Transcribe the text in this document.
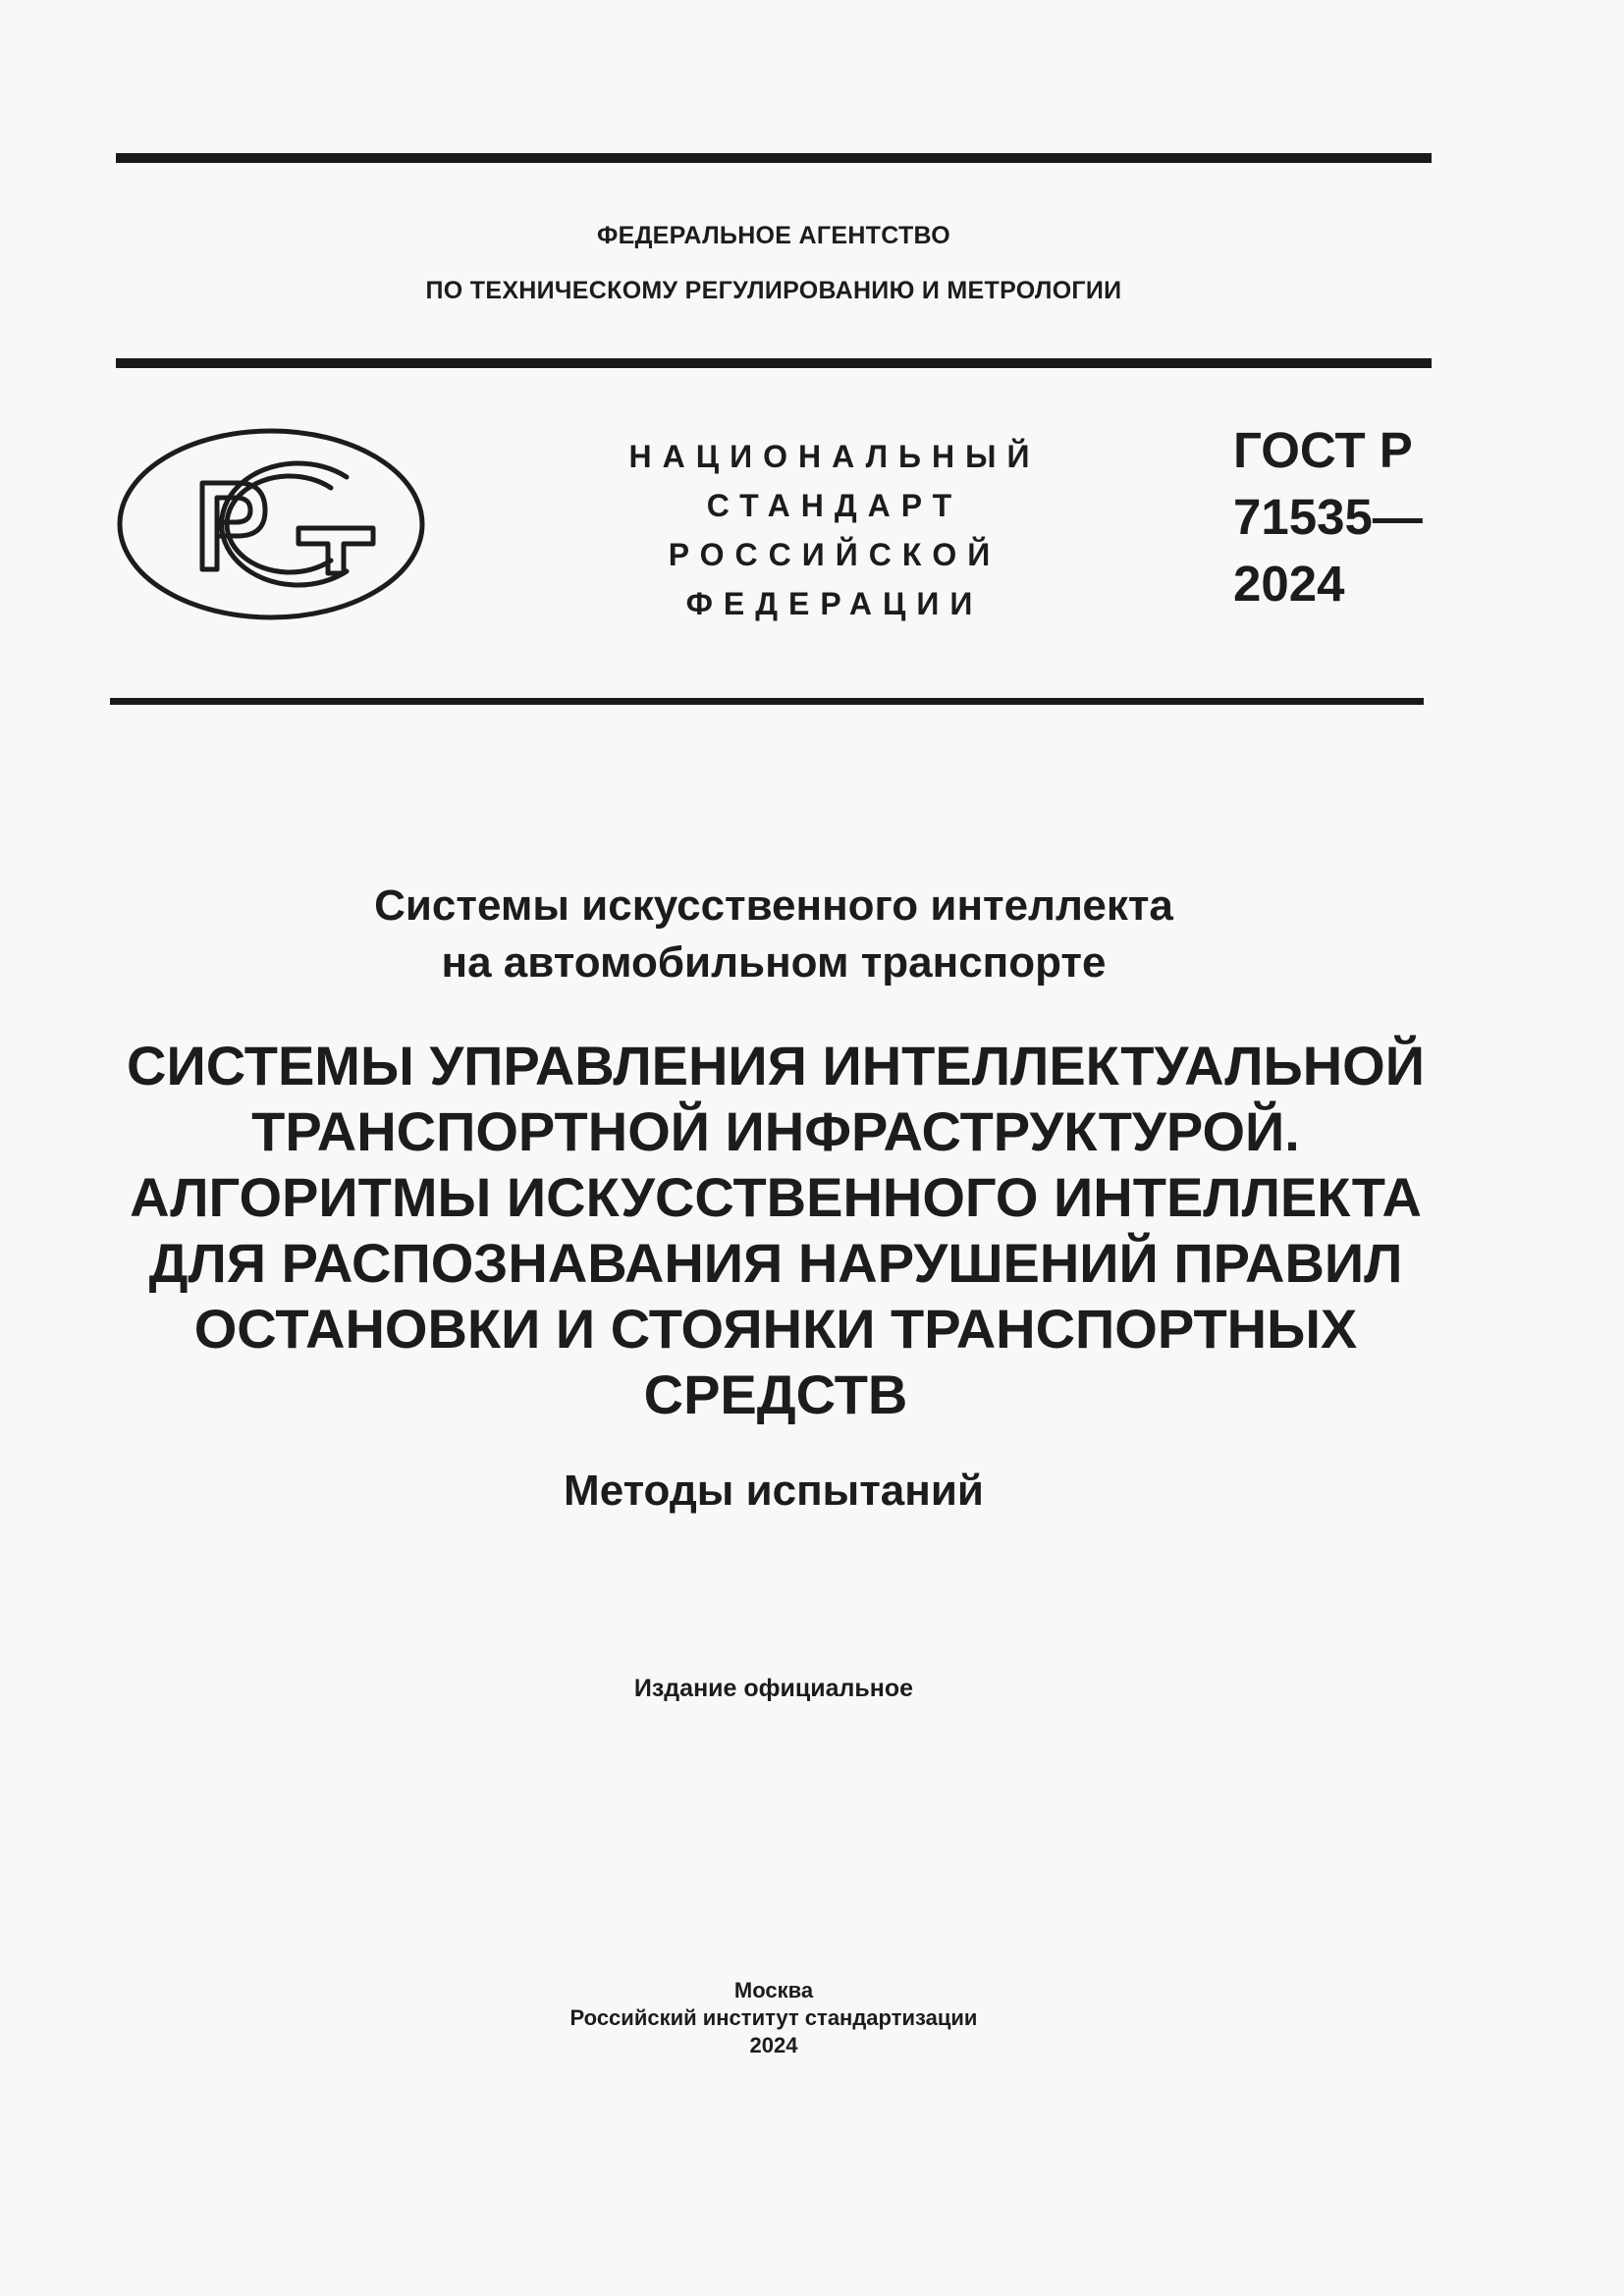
ФЕДЕРАЛЬНОЕ АГЕНТСТВО
ПО ТЕХНИЧЕСКОМУ РЕГУЛИРОВАНИЮ И МЕТРОЛОГИИ
НАЦИОНАЛЬНЫЙ
СТАНДАРТ
РОССИЙСКОЙ
ФЕДЕРАЦИИ
ГОСТ Р
71535—
2024
Системы искусственного интеллекта
на автомобильном транспорте
СИСТЕМЫ УПРАВЛЕНИЯ ИНТЕЛЛЕКТУАЛЬНОЙ
ТРАНСПОРТНОЙ ИНФРАСТРУКТУРОЙ.
АЛГОРИТМЫ ИСКУССТВЕННОГО ИНТЕЛЛЕКТА
ДЛЯ РАСПОЗНАВАНИЯ НАРУШЕНИЙ ПРАВИЛ
ОСТАНОВКИ И СТОЯНКИ ТРАНСПОРТНЫХ
СРЕДСТВ
Методы испытаний
Издание официальное
Москва
Российский институт стандартизации
2024
